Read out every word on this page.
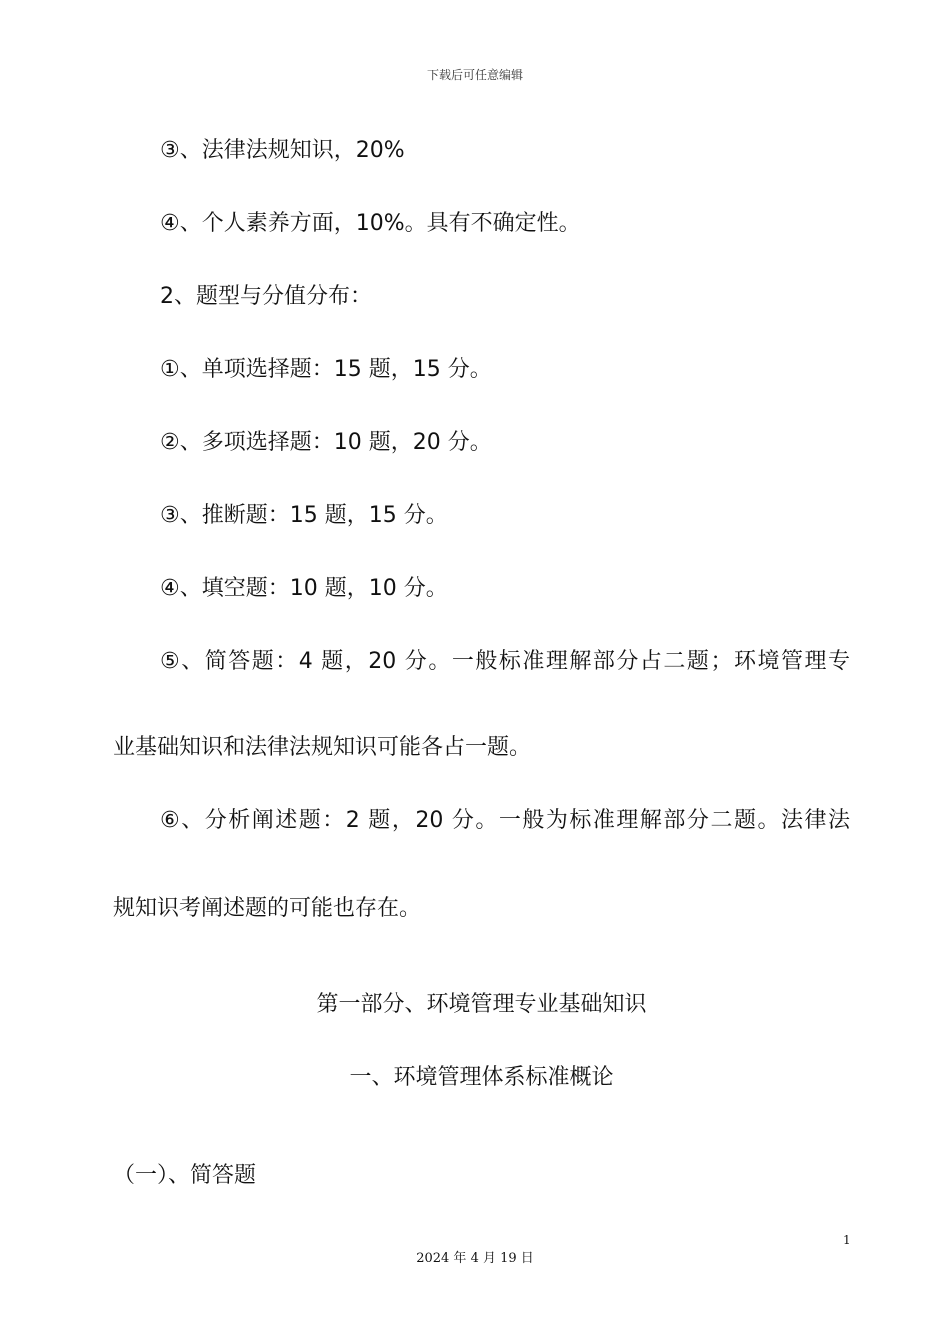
下载后可任意编辑
③、法律法规知识，20%
④、个人素养方面，10%。具有不确定性。
2、题型与分值分布：
①、单项选择题：15 题，15 分。
②、多项选择题：10 题，20 分。
③、推断题：15 题，15 分。
④、填空题：10 题，10 分。
⑤、简答题：4 题，20 分。一般标准理解部分占二题；环境管理专
业基础知识和法律法规知识可能各占一题。
⑥、分析阐述题：2 题，20 分。一般为标准理解部分二题。法律法
规知识考阐述题的可能也存在。
第一部分、环境管理专业基础知识
一、环境管理体系标准概论
（一）、简答题
1
2024 年 4 月 19 日
